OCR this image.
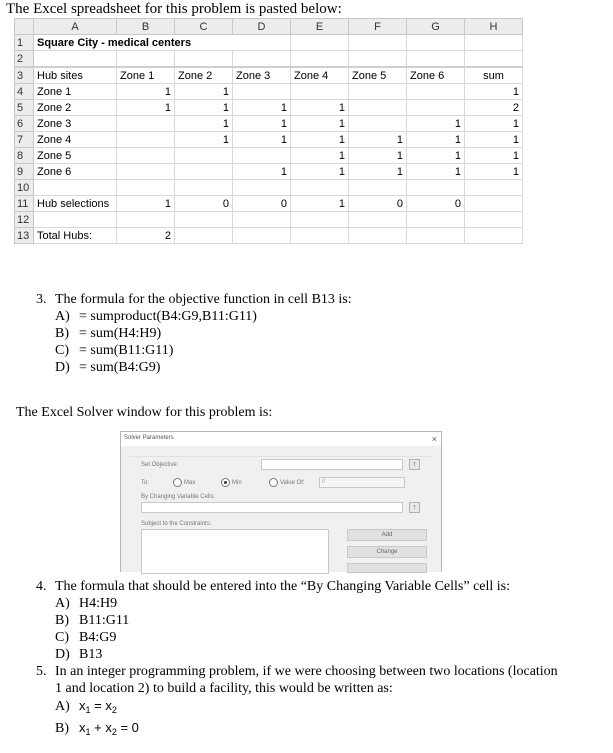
The Excel spreadsheet for this problem is pasted below:
	A	B	C	D	E	F	G	H
1	Square City - medical centers							
2								
3	Hub sites	Zone 1	Zone 2	Zone 3	Zone 4	Zone 5	Zone 6	sum
4	Zone 1	1	1					1
5	Zone 2	1	1	1	1			2
6	Zone 3		1	1	1		1	1
7	Zone 4		1	1	1	1	1	1
8	Zone 5				1	1	1	1
9	Zone 6			1	1	1	1	1
10								
11	Hub selections	1	0	0	1	0	0	
12								
13	Total Hubs:	2						
3. The formula for the objective function in cell B13 is:
A) = sumproduct(B4:G9,B11:G11)
B) = sum(H4:H9)
C) = sum(B11:G11)
D) = sum(B4:G9)
The Excel Solver window for this problem is:
Solver Parameters	×
Set Objective:	↑
To:	Max	Min	Value Of:	0
By Changing Variable Cells:
↑
Subject to the Constraints:
Add
Change
4. The formula that should be entered into the “By Changing Variable Cells” cell is:
A) H4:H9
B) B11:G11
C) B4:G9
D) B13
5. In an integer programming problem, if we were choosing between two locations (location
1 and location 2) to build a facility, this would be written as:
A) $x_1 = x_2$
B) $x_1 + x_2 = 0$
